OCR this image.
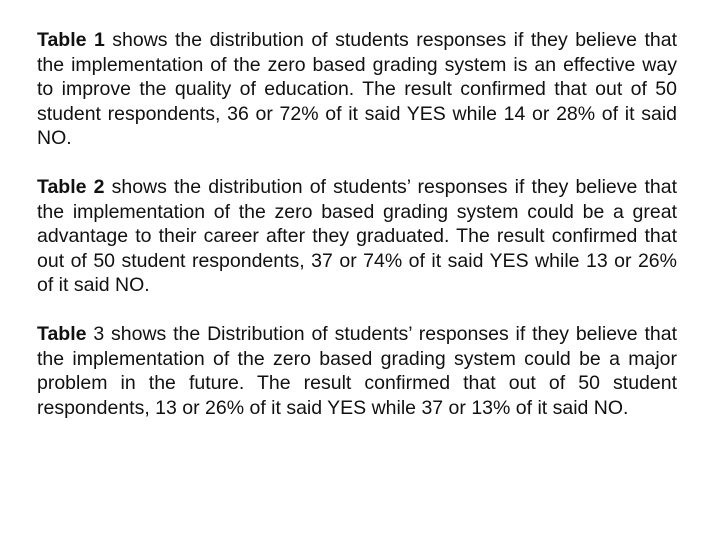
Table 1 shows the distribution of students responses if they believe that the implementation of the zero based grading system is an effective way to improve the quality of education. The result confirmed that out of 50 student respondents, 36 or 72% of it said YES while 14 or 28% of it said NO.

Table 2 shows the distribution of students’ responses if they believe that the implementation of the zero based grading system could be a great advantage to their career after they graduated. The result confirmed that out of 50 student respondents, 37 or 74% of it said YES while 13 or 26% of it said NO.

Table 3 shows the Distribution of students’ responses if they believe that the implementation of the zero based grading system could be a major problem in the future. The result confirmed that out of 50 student respondents, 13 or 26% of it said YES while 37 or 13% of it said NO.
